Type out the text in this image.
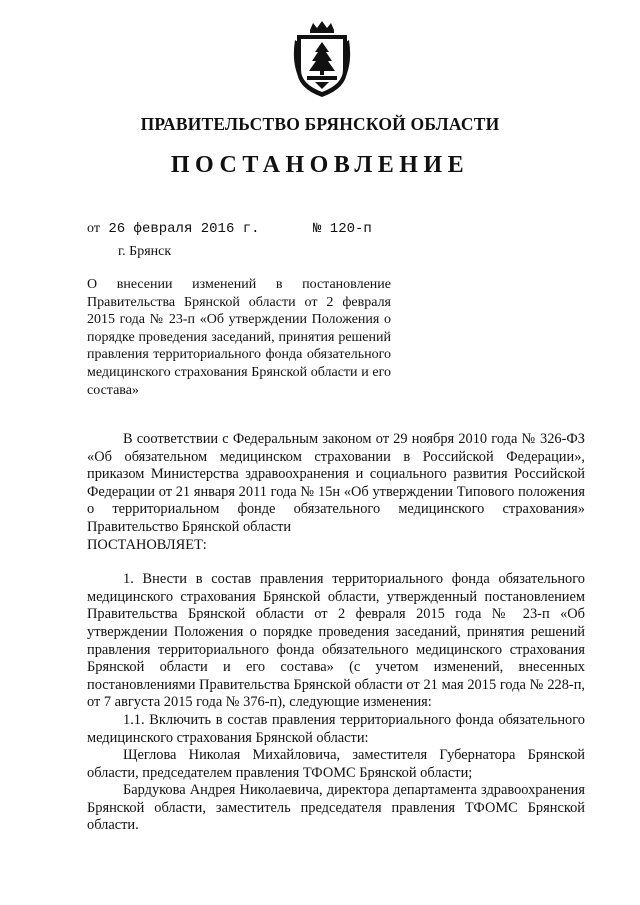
ПРАВИТЕЛЬСТВО БРЯНСКОЙ ОБЛАСТИ
ПОСТАНОВЛЕНИЕ
от 26 февраля 2016 г.	№ 120-п
г. Брянск
О внесении изменений в постановление Правительства Брянской области от 2 февраля 2015 года № 23-п «Об утверждении Положения о порядке проведения заседаний, принятия решений правления территориального фонда обязательного медицинского страхования Брянской области и его состава»

В соответствии с Федеральным законом от 29 ноября 2010 года № 326-ФЗ «Об обязательном медицинском страховании в Российской Федерации», приказом Министерства здравоохранения и социального развития Российской Федерации от 21 января 2011 года № 15н «Об утверждении Типового положения о территориальном фонде обязательного медицинского страхования» Правительство Брянской области

ПОСТАНОВЛЯЕТ:

1. Внести в состав правления территориального фонда обязательного медицинского страхования Брянской области, утвержденный постановлением Правительства Брянской области от 2 февраля 2015 года № 23-п «Об утверждении Положения о порядке проведения заседаний, принятия решений правления территориального фонда обязательного медицинского страхования Брянской области и его состава» (с учетом изменений, внесенных постановлениями Правительства Брянской области от 21 мая 2015 года № 228-п, от 7 августа 2015 года № 376-п), следующие изменения:

1.1. Включить в состав правления территориального фонда обязательного медицинского страхования Брянской области:

Щеглова Николая Михайловича, заместителя Губернатора Брянской области, председателем правления ТФОМС Брянской области;

Бардукова Андрея Николаевича, директора департамента здравоохранения Брянской области, заместитель председателя правления ТФОМС Брянской области.
